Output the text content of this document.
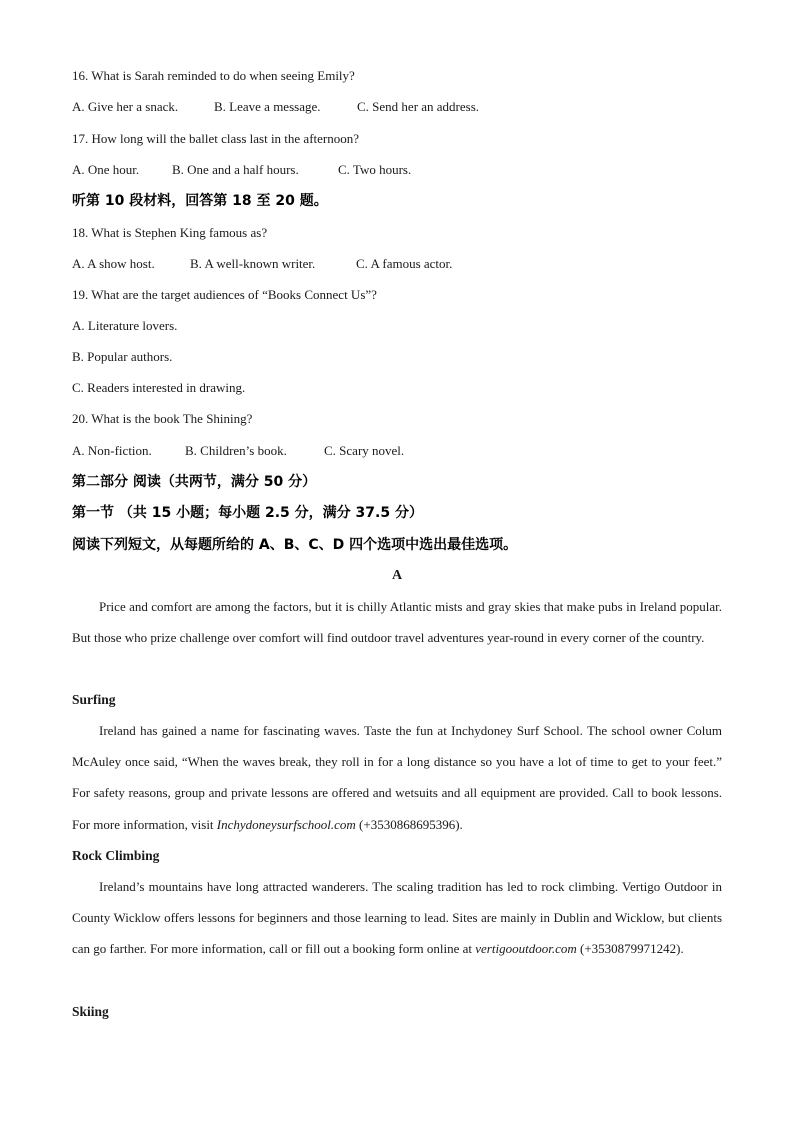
16. What is Sarah reminded to do when seeing Emily?
A. Give her a snack.	B. Leave a message.	C. Send her an address.
17. How long will the ballet class last in the afternoon?
A. One hour.	B. One and a half hours.	C. Two hours.
听第 10 段材料，回答第 18 至 20 题。
18. What is Stephen King famous as?
A. A show host.	B. A well-known writer.	C. A famous actor.
19. What are the target audiences of “Books Connect Us”?
A. Literature lovers.
B. Popular authors.
C. Readers interested in drawing.
20. What is the book The Shining?
A. Non-fiction.	B. Children’s book.	C. Scary novel.
第二部分 阅读（共两节，满分 50 分）
第一节 （共 15 小题；每小题 2.5 分，满分 37.5 分）
阅读下列短文，从每题所给的 A、B、C、D 四个选项中选出最佳选项。
A
Price and comfort are among the factors, but it is chilly Atlantic mists and gray skies that make pubs in Ireland popular. But those who prize challenge over comfort will find outdoor travel adventures year-round in every corner of the country.
Surfing
Ireland has gained a name for fascinating waves. Taste the fun at Inchydoney Surf School. The school owner Colum McAuley once said, “When the waves break, they roll in for a long distance so you have a lot of time to get to your feet.” For safety reasons, group and private lessons are offered and wetsuits and all equipment are provided. Call to book lessons. For more information, visit Inchydoneysurfschool.com (+3530868695396).
Rock Climbing
Ireland’s mountains have long attracted wanderers. The scaling tradition has led to rock climbing. Vertigo Outdoor in County Wicklow offers lessons for beginners and those learning to lead. Sites are mainly in Dublin and Wicklow, but clients can go farther. For more information, call or fill out a booking form online at vertigooutdoor.com (+3530879971242).
Skiing
